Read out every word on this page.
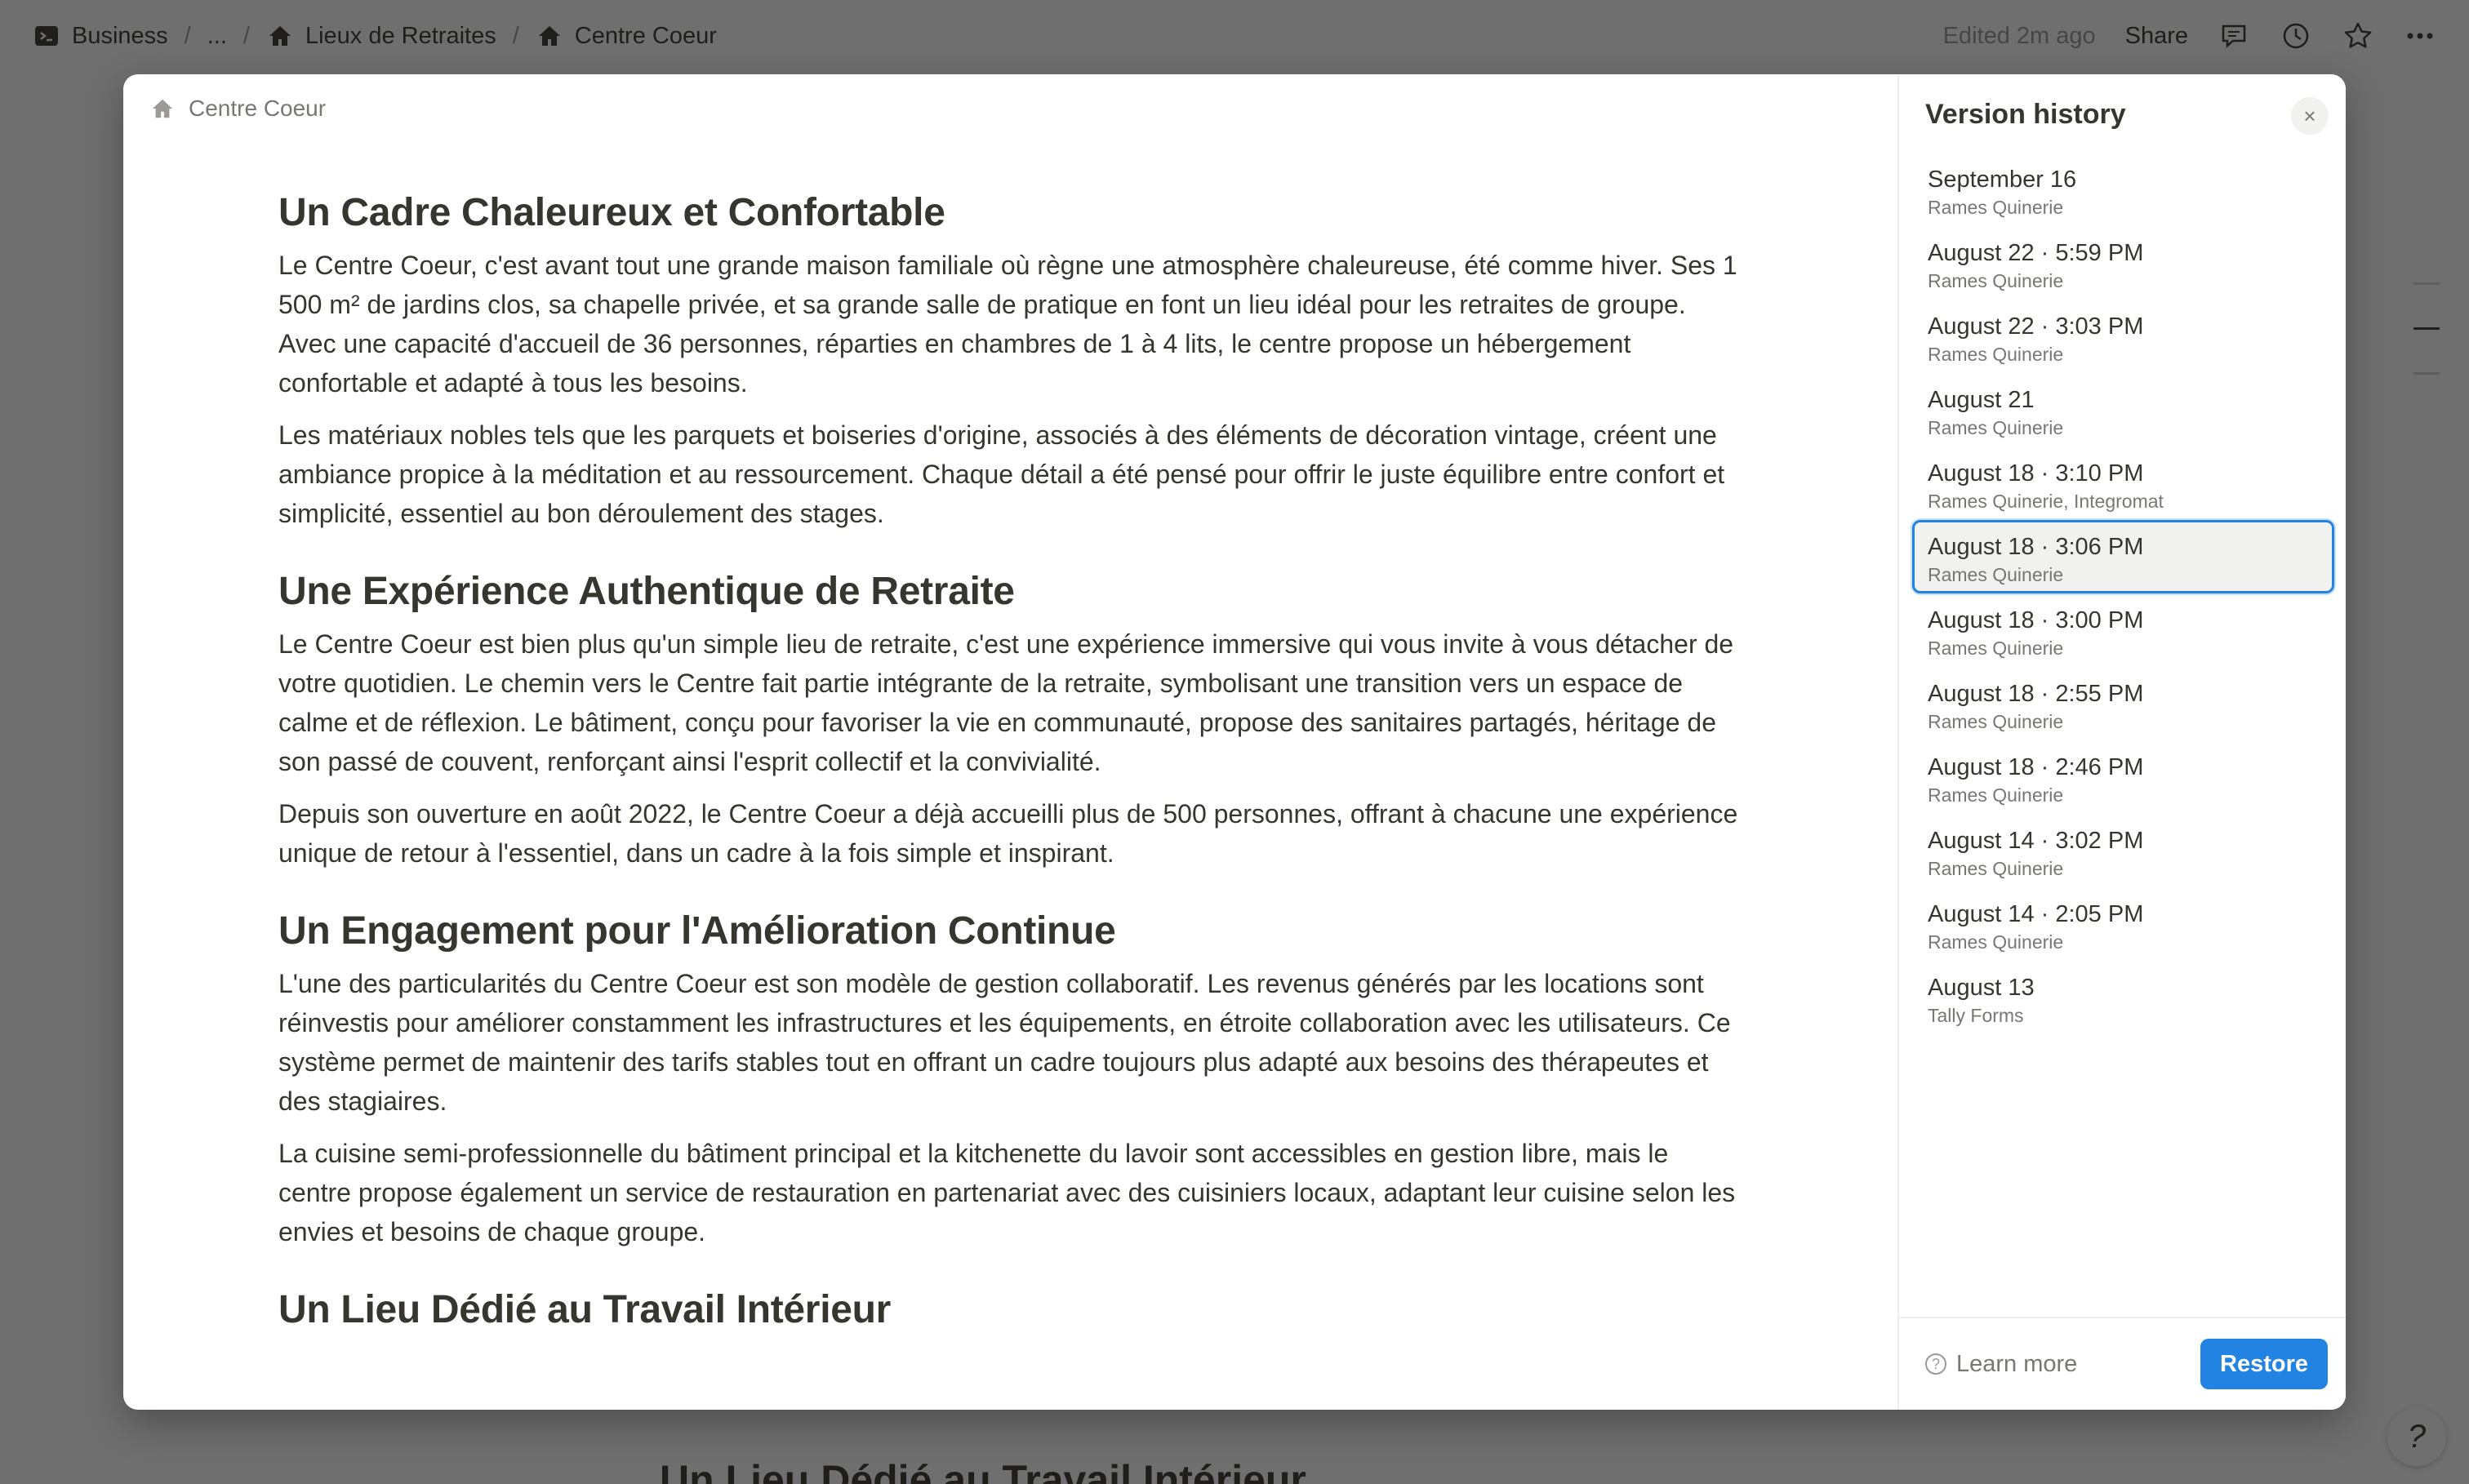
Centre Coeur
Un Cadre Chaleureux et Confortable

Le Centre Coeur, c'est avant tout une grande maison familiale où règne une atmosphère chaleureuse, été comme hiver. Ses 1 500 m² de jardins clos, sa chapelle privée, et sa grande salle de pratique en font un lieu idéal pour les retraites de groupe. Avec une capacité d'accueil de 36 personnes, réparties en chambres de 1 à 4 lits, le centre propose un hébergement confortable et adapté à tous les besoins.

Les matériaux nobles tels que les parquets et boiseries d'origine, associés à des éléments de décoration vintage, créent une ambiance propice à la méditation et au ressourcement. Chaque détail a été pensé pour offrir le juste équilibre entre confort et simplicité, essentiel au bon déroulement des stages.

Une Expérience Authentique de Retraite

Le Centre Coeur est bien plus qu'un simple lieu de retraite, c'est une expérience immersive qui vous invite à vous détacher de votre quotidien. Le chemin vers le Centre fait partie intégrante de la retraite, symbolisant une transition vers un espace de calme et de réflexion. Le bâtiment, conçu pour favoriser la vie en communauté, propose des sanitaires partagés, héritage de son passé de couvent, renforçant ainsi l'esprit collectif et la convivialité.

Depuis son ouverture en août 2022, le Centre Coeur a déjà accueilli plus de 500 personnes, offrant à chacune une expérience unique de retour à l'essentiel, dans un cadre à la fois simple et inspirant.

Un Engagement pour l'Amélioration Continue

L'une des particularités du Centre Coeur est son modèle de gestion collaboratif. Les revenus générés par les locations sont réinvestis pour améliorer constamment les infrastructures et les équipements, en étroite collaboration avec les utilisateurs. Ce système permet de maintenir des tarifs stables tout en offrant un cadre toujours plus adapté aux besoins des thérapeutes et des stagiaires.

La cuisine semi-professionnelle du bâtiment principal et la kitchenette du lavoir sont accessibles en gestion libre, mais le centre propose également un service de restauration en partenariat avec des cuisiniers locaux, adaptant leur cuisine selon les envies et besoins de chaque groupe.

Un Lieu Dédié au Travail Intérieur
Version history	×
September 16
Rames Quinerie
August 22 · 5:59 PM
Rames Quinerie
August 22 · 3:03 PM
Rames Quinerie
August 21
Rames Quinerie
August 18 · 3:10 PM
Rames Quinerie, Integromat
August 18 · 3:06 PM
Rames Quinerie
August 18 · 3:00 PM
Rames Quinerie
August 18 · 2:55 PM
Rames Quinerie
August 18 · 2:46 PM
Rames Quinerie
August 14 · 3:02 PM
Rames Quinerie
August 14 · 2:05 PM
Rames Quinerie
August 13
Tally Forms
? Learn more	Restore
